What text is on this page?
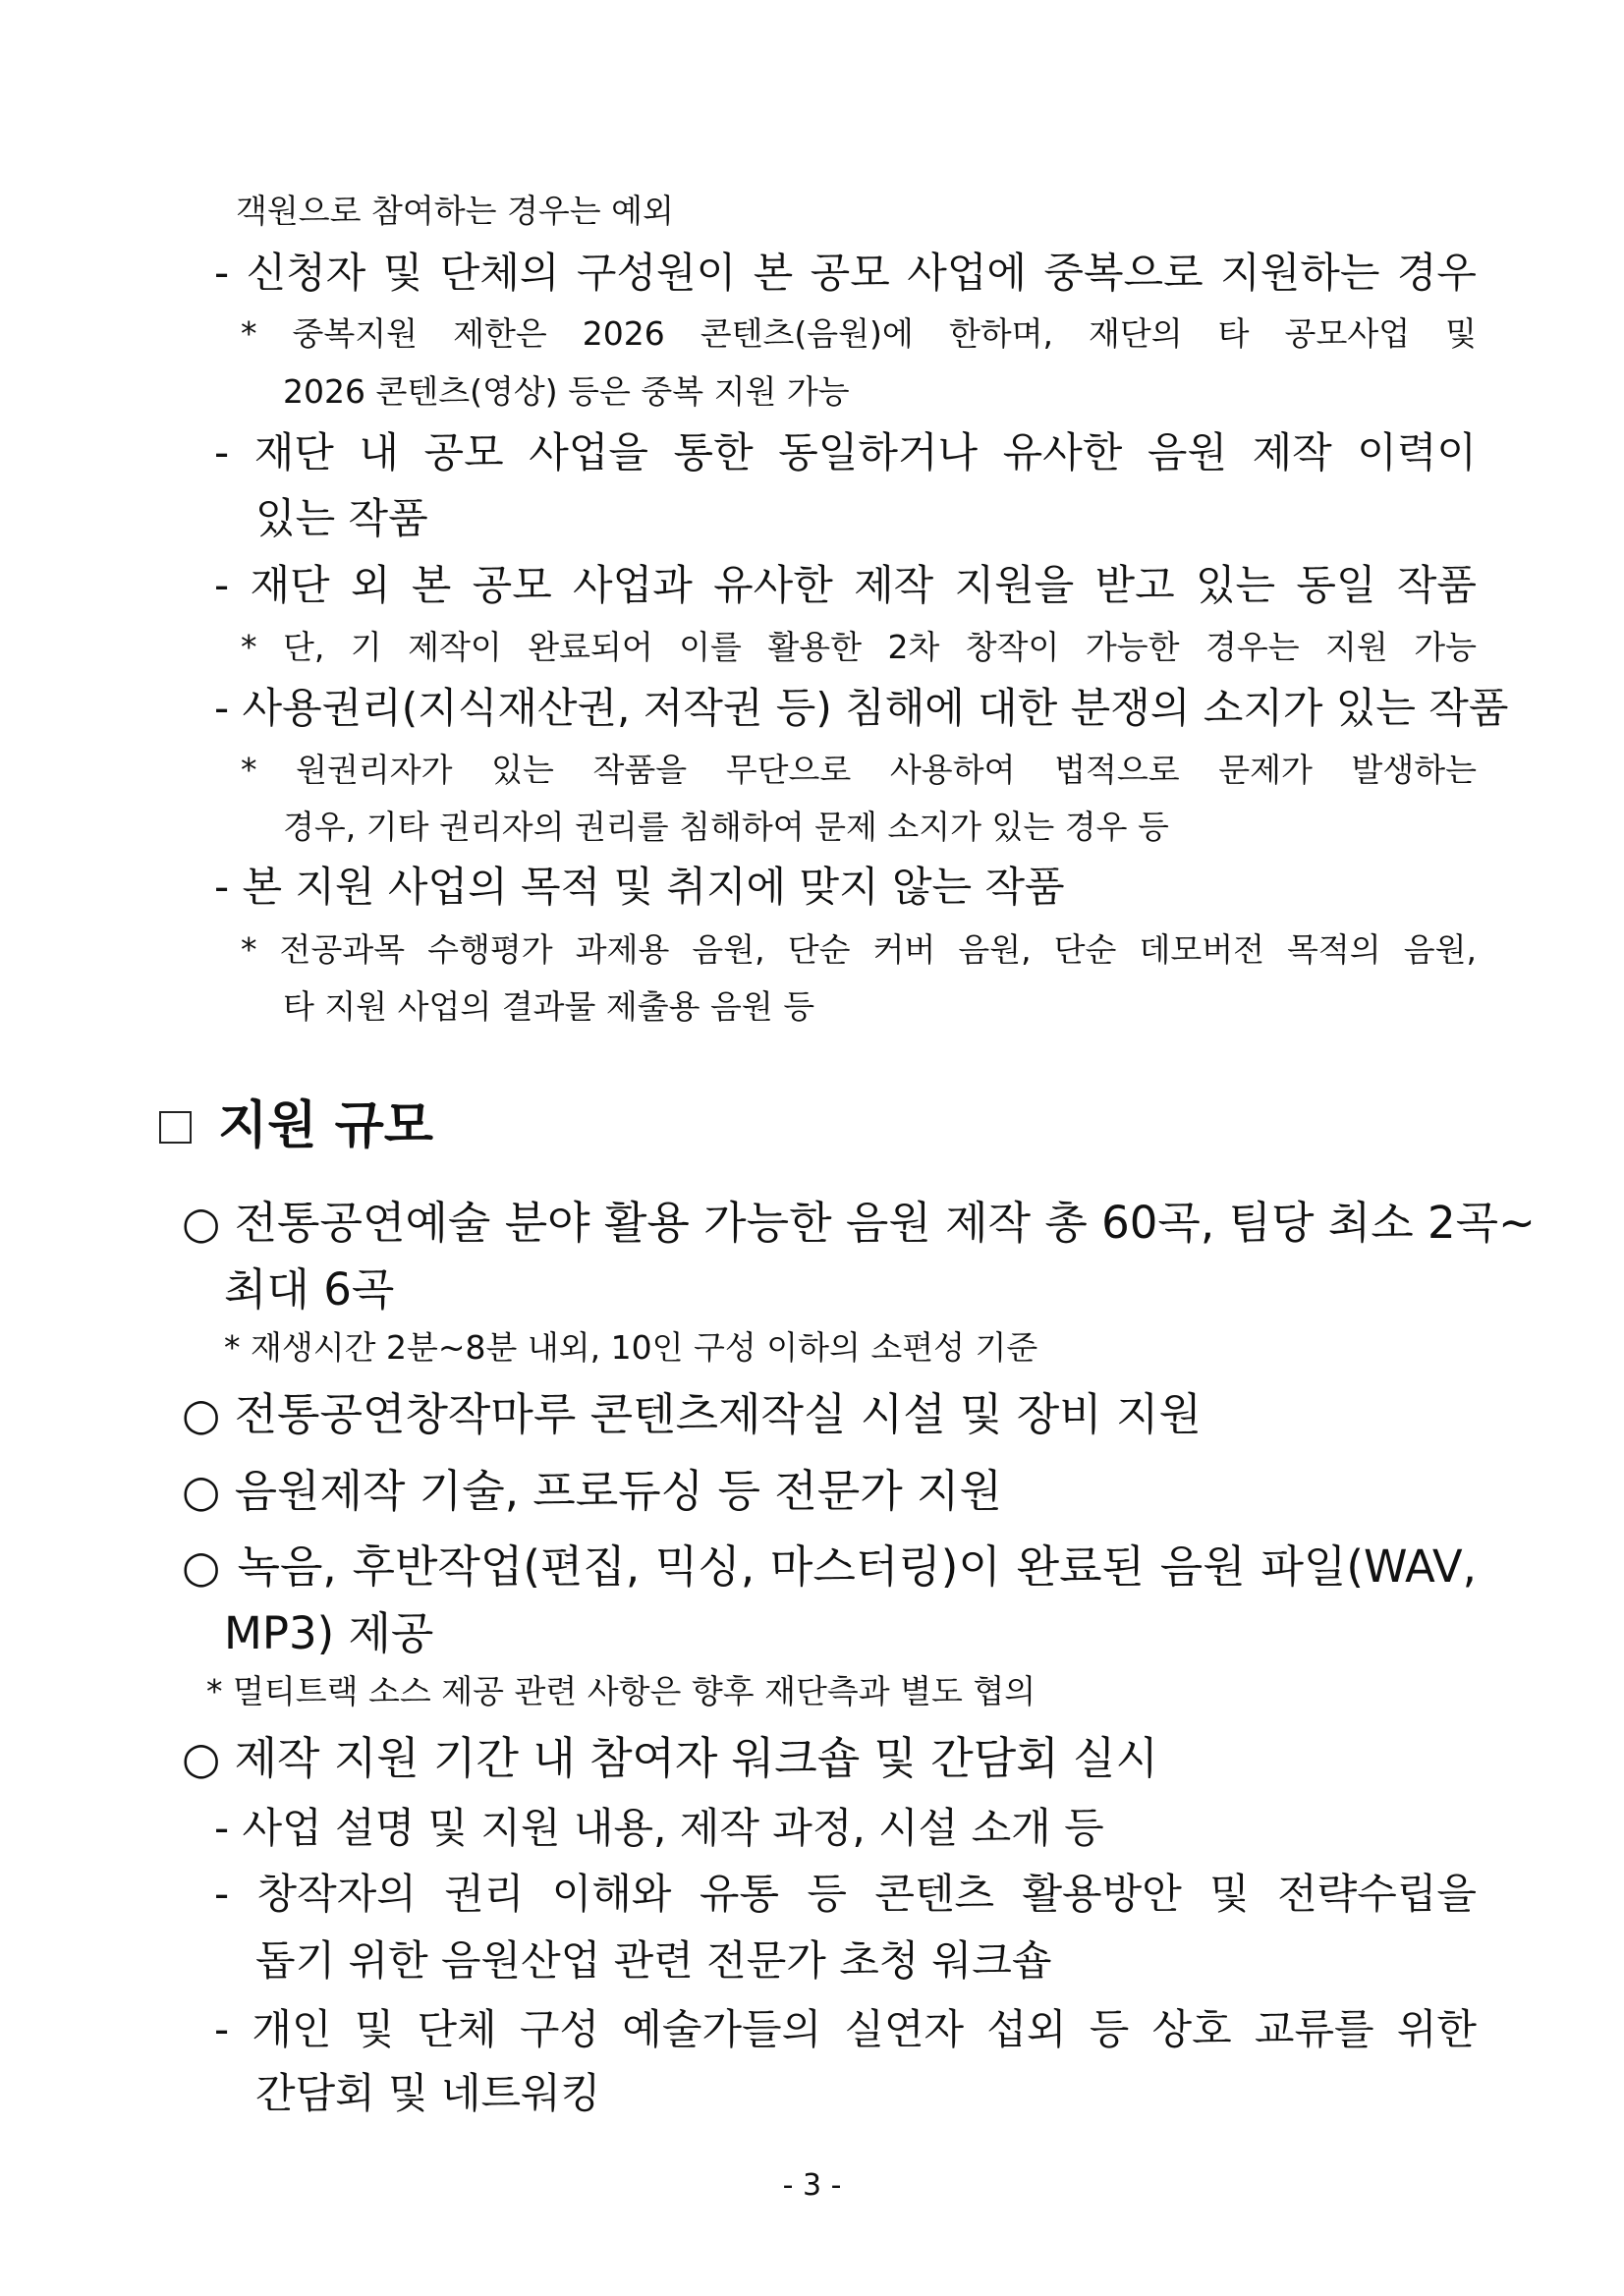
객원으로 참여하는 경우는 예외
- 신청자 및 단체의 구성원이 본 공모 사업에 중복으로 지원하는 경우
* 중복지원 제한은 2026 콘텐츠(음원)에 한하며, 재단의 타 공모사업 및
2026 콘텐츠(영상) 등은 중복 지원 가능
- 재단 내 공모 사업을 통한 동일하거나 유사한 음원 제작 이력이
있는 작품
- 재단 외 본 공모 사업과 유사한 제작 지원을 받고 있는 동일 작품
* 단, 기 제작이 완료되어 이를 활용한 2차 창작이 가능한 경우는 지원 가능
- 사용권리(지식재산권, 저작권 등) 침해에 대한 분쟁의 소지가 있는 작품
* 원권리자가 있는 작품을 무단으로 사용하여 법적으로 문제가 발생하는
경우, 기타 권리자의 권리를 침해하여 문제 소지가 있는 경우 등
- 본 지원 사업의 목적 및 취지에 맞지 않는 작품
* 전공과목 수행평가 과제용 음원, 단순 커버 음원, 단순 데모버전 목적의 음원,
타 지원 사업의 결과물 제출용 음원 등
지원 규모
○ 전통공연예술 분야 활용 가능한 음원 제작 총 60곡, 팀당 최소 2곡~
최대 6곡
* 재생시간 2분~8분 내외, 10인 구성 이하의 소편성 기준
○ 전통공연창작마루 콘텐츠제작실 시설 및 장비 지원
○ 음원제작 기술, 프로듀싱 등 전문가 지원
○ 녹음, 후반작업(편집, 믹싱, 마스터링)이 완료된 음원 파일(WAV,
MP3) 제공
* 멀티트랙 소스 제공 관련 사항은 향후 재단측과 별도 협의
○ 제작 지원 기간 내 참여자 워크숍 및 간담회 실시
- 사업 설명 및 지원 내용, 제작 과정, 시설 소개 등
- 창작자의 권리 이해와 유통 등 콘텐츠 활용방안 및 전략수립을
돕기 위한 음원산업 관련 전문가 초청 워크숍
- 개인 및 단체 구성 예술가들의 실연자 섭외 등 상호 교류를 위한
간담회 및 네트워킹
- 3 -
